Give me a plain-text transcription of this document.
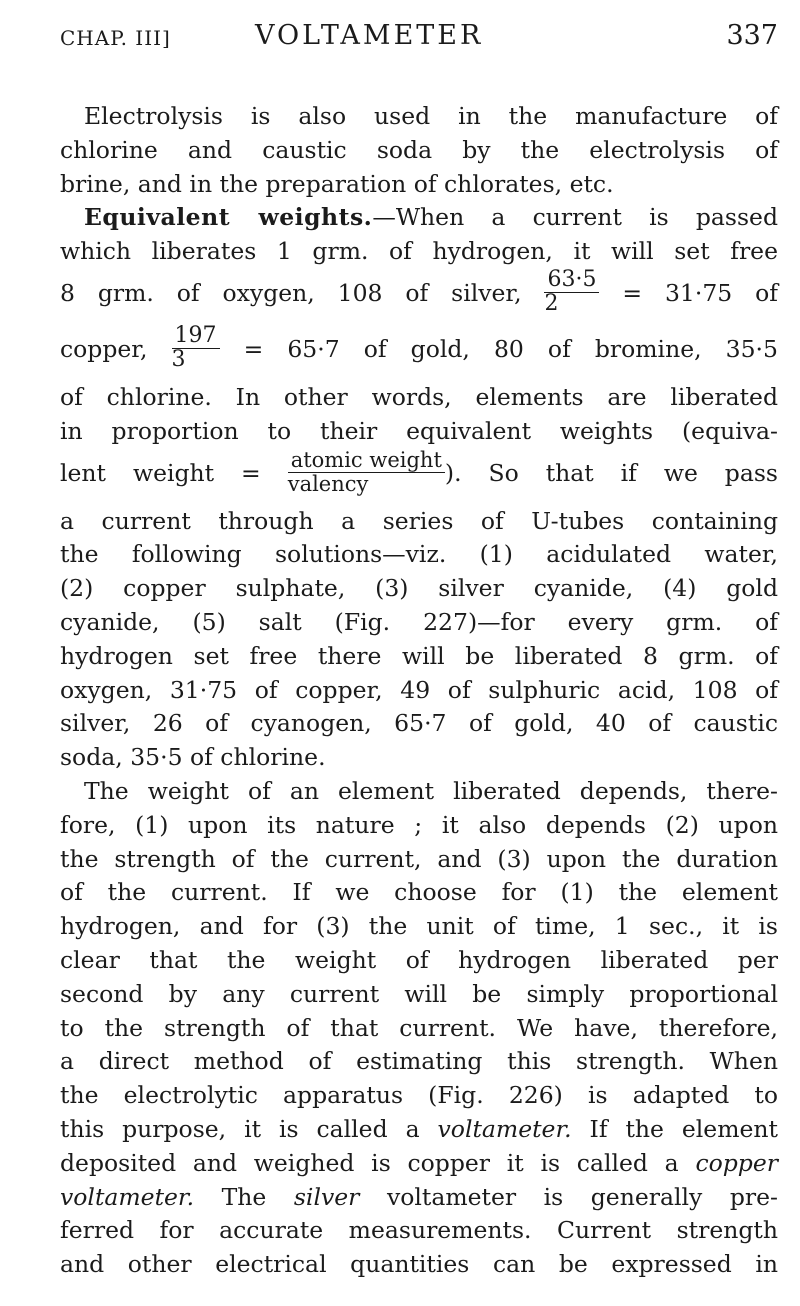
CHAP. III]	VOLTAMETER	337
Electrolysis is also used in the manufacture of
chlorine and caustic soda by the electrolysis of
brine, and in the preparation of chlorates, etc.
Equivalent weights.—When a current is passed
which liberates 1 grm. of hydrogen, it will set free
8 grm. of oxygen, 108 of silver, $\frac{63\cdot 5}{2} = 31\cdot 75$ of
copper, $\frac{197}{3} = 65\cdot 7$ of gold, 80 of bromine, 35·5
of chlorine. In other words, elements are liberated
in proportion to their equivalent weights (equiva-
lent weight = $\frac{\text{atomic weight}}{\text{valency}}$ ). So that if we pass
a current through a series of U-tubes containing
the following solutions—viz. (1) acidulated water,
(2) copper sulphate, (3) silver cyanide, (4) gold
cyanide, (5) salt (Fig. 227)—for every grm. of
hydrogen set free there will be liberated 8 grm. of
oxygen, 31·75 of copper, 49 of sulphuric acid, 108 of
silver, 26 of cyanogen, 65·7 of gold, 40 of caustic
soda, 35·5 of chlorine.
The weight of an element liberated depends, there-
fore, (1) upon its nature ; it also depends (2) upon
the strength of the current, and (3) upon the duration
of the current. If we choose for (1) the element
hydrogen, and for (3) the unit of time, 1 sec., it is
clear that the weight of hydrogen liberated per
second by any current will be simply proportional
to the strength of that current. We have, therefore,
a direct method of estimating this strength. When
the electrolytic apparatus (Fig. 226) is adapted to
this purpose, it is called a voltameter. If the element
deposited and weighed is copper it is called a copper
voltameter. The silver voltameter is generally pre-
ferred for accurate measurements. Current strength
and other electrical quantities can be expressed in
